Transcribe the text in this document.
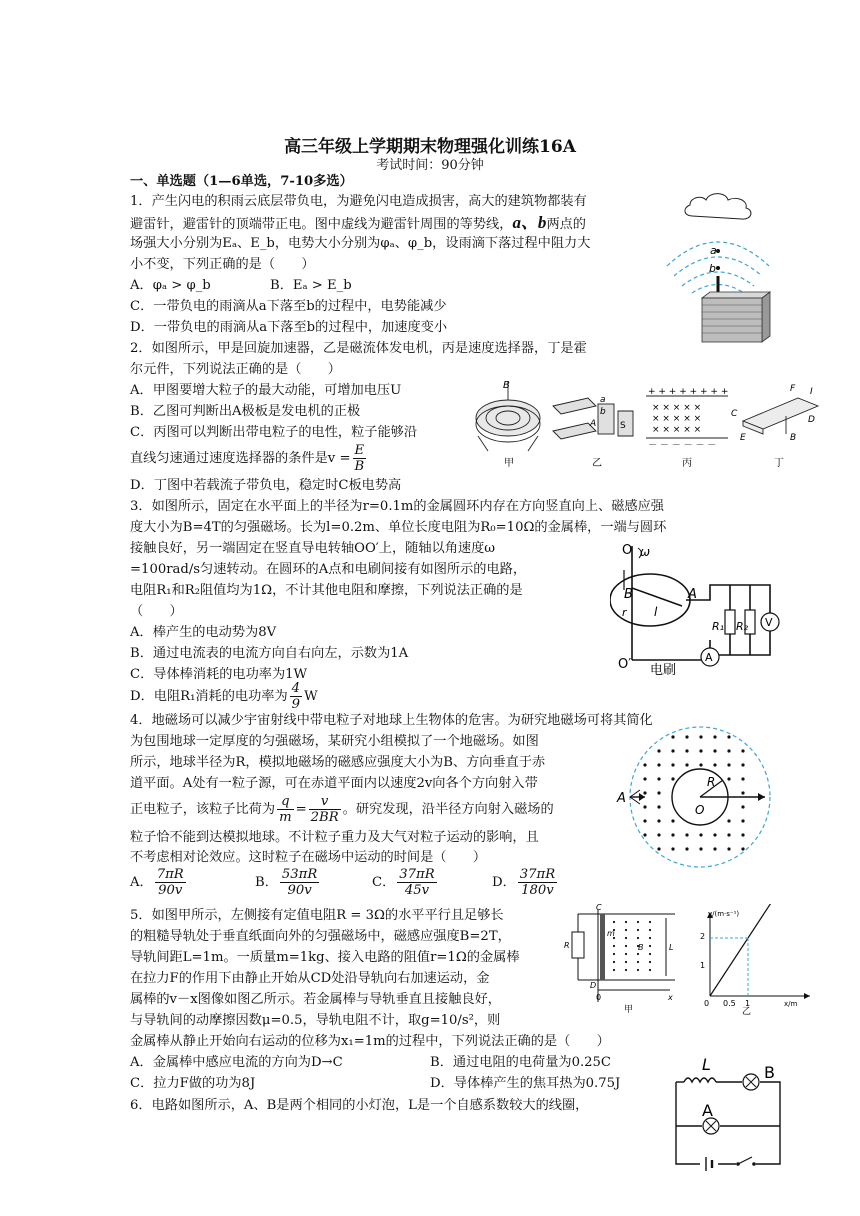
高三年级上学期期末物理强化训练16A
考试时间：90分钟
一、单选题（1—6单选，7-10多选）
1．产生闪电的积雨云底层带负电，为避免闪电造成损害，高大的建筑物都装有
避雷针，避雷针的顶端带正电。图中虚线为避雷针周围的等势线，a、b两点的
场强大小分别为Eₐ、E_b，电势大小分别为φₐ、φ_b，设雨滴下落过程中阻力大
小不变，下列正确的是（　　）
A．φₐ > φ_b	B．Eₐ > E_b
C．一带负电的雨滴从a下落至b的过程中，电势能减少
D．一带负电的雨滴从a下落至b的过程中，加速度变小
a
b
2．如图所示，甲是回旋加速器，乙是磁流体发电机，丙是速度选择器，丁是霍
尔元件，下列说法正确的是（　　）
A．甲图要增大粒子的最大动能，可增加电压U
B．乙图可判断出A极板是发电机的正极
C．丙图可以判断出带电粒子的电性，粒子能够沿
直线匀速通过速度选择器的条件是$v = \frac{E}{B}$
D．丁图中若载流子带负电，稳定时C板电势高
B
a
b
A	S
+ + + + + + + +
× × × × ×
× × × × ×
× × × × ×
－ － － － － －
F I
C
D
E	B
甲	乙	丙	丁
3．如图所示，固定在水平面上的半径为r=0.1m的金属圆环内存在方向竖直向上、磁感应强
度大小为B=4T的匀强磁场。长为l=0.2m、单位长度电阻为R₀=10Ω的金属棒，一端与圆环
接触良好，另一端固定在竖直导电转轴OO′上，随轴以角速度ω
=100rad/s匀速转动。在圆环的A点和电刷间接有如图所示的电路，
电阻R₁和R₂阻值均为1Ω，不计其他电阻和摩擦，下列说法正确的是
（　　）
A．棒产生的电动势为8V
B．通过电流表的电流方向自右向左，示数为1A
C．导体棒消耗的电功率为1W
D．电阻R₁消耗的电功率为 $\frac{4}{9}$ W
O ω
B
r l
A
R₁ R₂ V
A
O′ 电刷
4．地磁场可以减少宇宙射线中带电粒子对地球上生物体的危害。为研究地磁场可将其简化
为包围地球一定厚度的匀强磁场，某研究小组模拟了一个地磁场。如图
所示，地球半径为R，模拟地磁场的磁感应强度大小为B、方向垂直于赤
道平面。A处有一粒子源，可在赤道平面内以速度2v向各个方向射入带
正电粒子，该粒子比荷为 $\frac{q}{m} = \frac{v}{2BR}$ 。研究发现，沿半径方向射入磁场的
粒子恰不能到达模拟地球。不计粒子重力及大气对粒子运动的影响，且
不考虑相对论效应。这时粒子在磁场中运动的时间是（　　）
A． $\frac{7\pi R}{90v}$	B． $\frac{53\pi R}{90v}$	C． $\frac{37\pi R}{45v}$	D． $\frac{37\pi R}{180v}$
A
R
O
5．如图甲所示，左侧接有定值电阻R = 3Ω的水平平行且足够长
的粗糙导轨处于垂直纸面向外的匀强磁场中，磁感应强度B=2T，
导轨间距L=1m。一质量m=1kg、接入电路的阻值r=1Ω的金属棒
在拉力F的作用下由静止开始从CD处沿导轨向右加速运动，金
属棒的v－x图像如图乙所示。若金属棒与导轨垂直且接触良好，
与导轨间的动摩擦因数μ=0.5，导轨电阻不计，取g=10/s²，则
金属棒从静止开始向右运动的位移为x₁=1m的过程中，下列说法正确的是（　　）
A．金属棒中感应电流的方向为D→C	B．通过电阻的电荷量为0.25C
C．拉力F做的功为8J	D．导体棒产生的焦耳热为0.75J
C
D
R
m
B	L
0	x
甲
v/(m·s⁻¹)
2
1
0 0.5 1	x/m
乙
6．电路如图所示，A、B是两个相同的小灯泡，L是一个自感系数较大的线圈，
L	B
A
